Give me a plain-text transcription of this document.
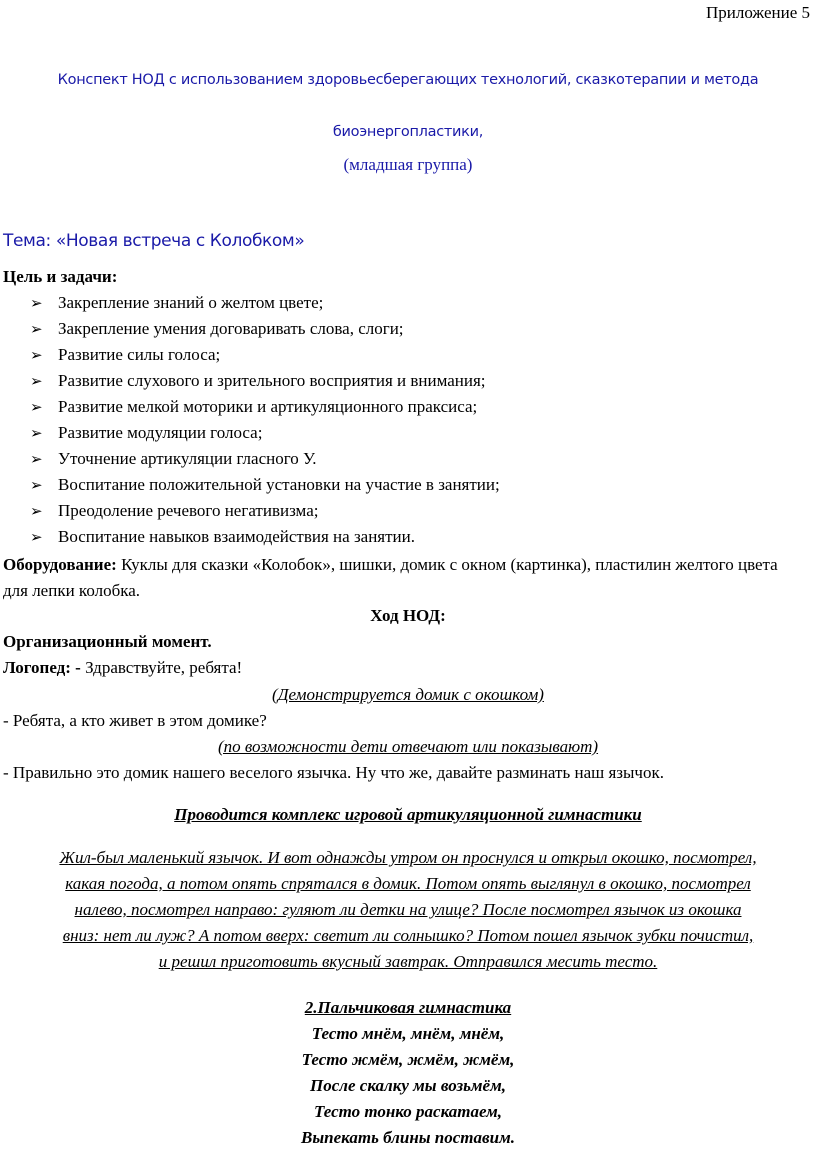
Приложение 5
Конспект НОД с использованием здоровьесберегающих технологий, сказкотерапии и метода
биоэнергопластики,
(младшая группа)
Тема: «Новая встреча с Колобком»
Цель и задачи:
➢ Закрепление знаний о желтом цвете;
➢ Закрепление умения договаривать слова, слоги;
➢ Развитие силы голоса;
➢ Развитие слухового и зрительного восприятия и внимания;
➢ Развитие мелкой моторики и артикуляционного праксиса;
➢ Развитие модуляции голоса;
➢ Уточнение артикуляции гласного У.
➢ Воспитание положительной установки на участие в занятии;
➢ Преодоление речевого негативизма;
➢ Воспитание навыков взаимодействия на занятии.
Оборудование: Куклы для сказки «Колобок», шишки, домик с окном (картинка), пластилин желтого цвета для лепки колобка.
Ход НОД:
Организационный момент.
Логопед: - Здравствуйте, ребята!
(Демонстрируется домик с окошком)
- Ребята, а кто живет в этом домике?
(по возможности дети отвечают или показывают)
- Правильно это домик нашего веселого язычка. Ну что же, давайте разминать наш язычок.
Проводится комплекс игровой артикуляционной гимнастики
Жил-был маленький язычок. И вот однажды утром он проснулся и открыл окошко, посмотрел,
какая погода, а потом опять спрятался в домик. Потом опять выглянул в окошко, посмотрел
налево, посмотрел направо: гуляют ли детки на улице? После посмотрел язычок из окошка
вниз: нет ли луж? А потом вверх: светит ли солнышко? Потом пошел язычок зубки почистил,
и решил приготовить вкусный завтрак. Отправился месить тесто.
2.Пальчиковая гимнастика
Тесто мнём, мнём, мнём,
Тесто жмём, жмём, жмём,
После скалку мы возьмём,
Тесто тонко раскатаем,
Выпекать блины поставим.
